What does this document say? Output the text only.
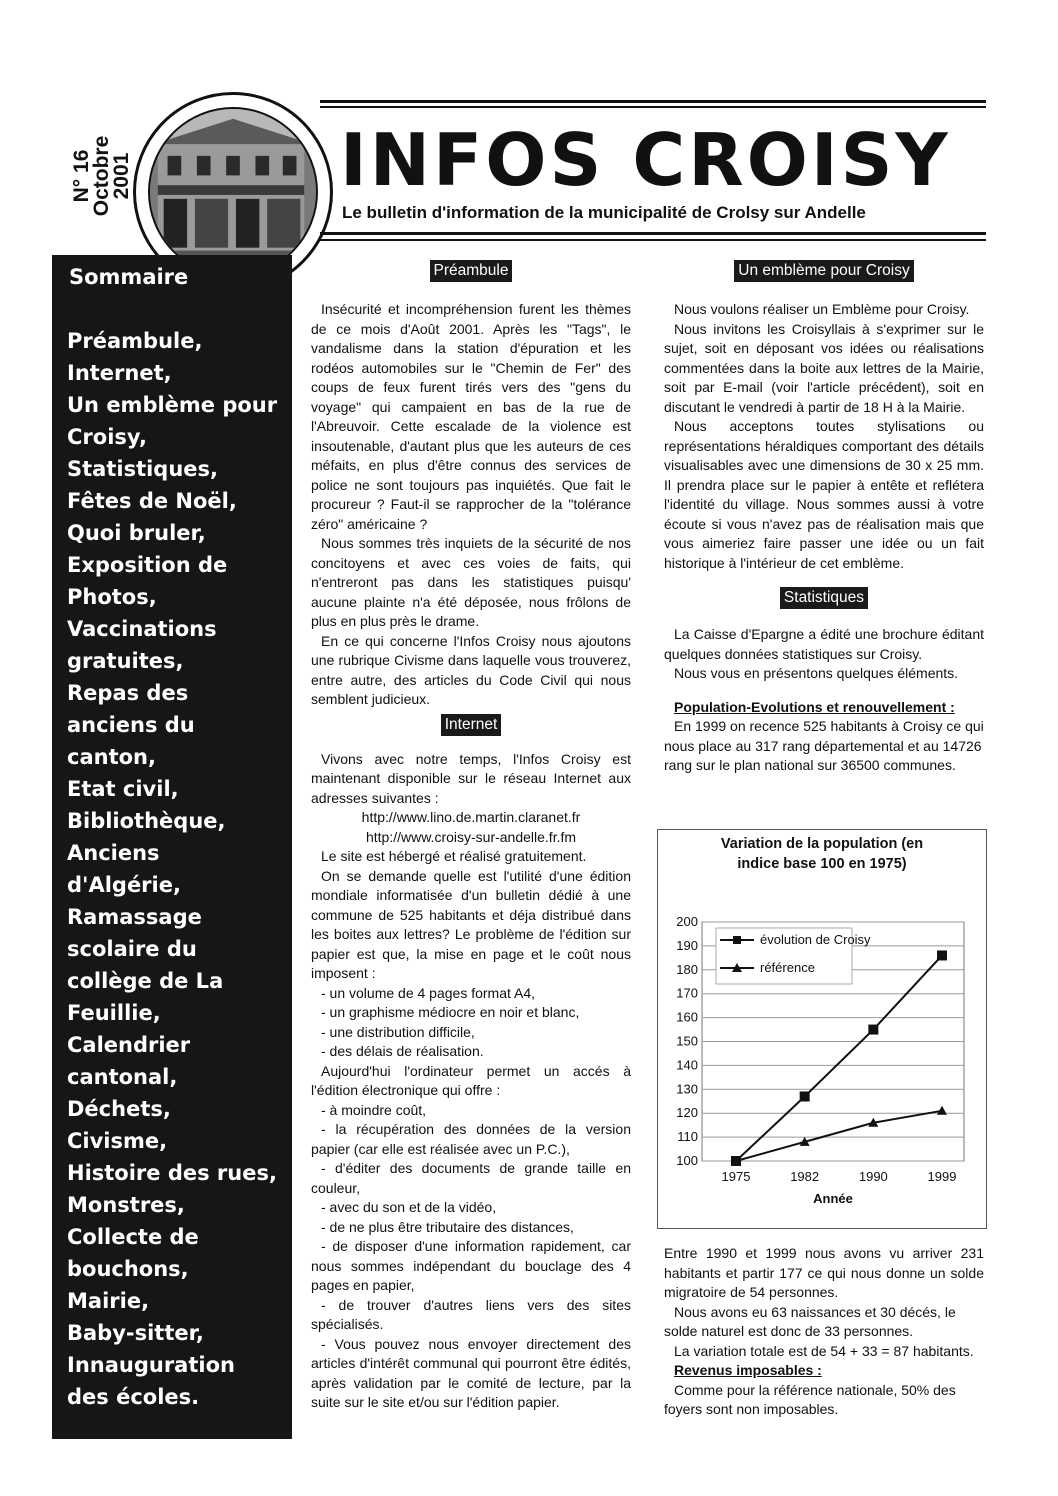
N° 16
Octobre
2001	INFOS CROISY
Le bulletin d'information de la municipalité de Crolsy sur Andelle
Sommaire
Préambule,
Internet,
Un emblème pour
Croisy,
Statistiques,
Fêtes de Noël,
Quoi bruler,
Exposition de
Photos,
Vaccinations
gratuites,
Repas des
anciens du
canton,
Etat civil,
Bibliothèque,
Anciens
d'Algérie,
Ramassage
scolaire du
collège de La
Feuillie,
Calendrier
cantonal,
Déchets,
Civisme,
Histoire des rues,
Monstres,
Collecte de
bouchons,
Mairie,
Baby-sitter,
Innauguration
des écoles.

Préambule

Insécurité et incompréhension furent les thèmes de ce mois d'Août 2001. Après les "Tags", le vandalisme dans la station d'épuration et les rodéos automobiles sur le "Chemin de Fer" des coups de feux furent tirés vers des "gens du voyage" qui campaient en bas de la rue de l'Abreuvoir. Cette escalade de la violence est insoutenable, d'autant plus que les auteurs de ces méfaits, en plus d'être connus des services de police ne sont toujours pas inquiétés. Que fait le procureur ? Faut-il se rapprocher de la "tolérance zéro" américaine ?

Nous sommes très inquiets de la sécurité de nos concitoyens et avec ces voies de faits, qui n'entreront pas dans les statistiques puisqu' aucune plainte n'a été déposée, nous frôlons de plus en plus près le drame.

En ce qui concerne l'Infos Croisy nous ajoutons une rubrique Civisme dans laquelle vous trouverez, entre autre, des articles du Code Civil qui nous semblent judicieux.

Internet

Vivons avec notre temps, l'Infos Croisy est maintenant disponible sur le réseau Internet aux adresses suivantes :

http://www.lino.de.martin.claranet.fr

http://www.croisy-sur-andelle.fr.fm

Le site est hébergé et réalisé gratuitement.

On se demande quelle est l'utilité d'une édition mondiale informatisée d'un bulletin dédié à une commune de 525 habitants et déja distribué dans les boites aux lettres? Le problème de l'édition sur papier est que, la mise en page et le coût nous imposent :

- un volume de 4 pages format A4,
- un graphisme médiocre en noir et blanc,
- une distribution difficile,
- des délais de réalisation.

Aujourd'hui l'ordinateur permet un accés à l'édition électronique qui offre :

- à moindre coût,
- la récupération des données de la version papier (car elle est réalisée avec un P.C.),
- d'éditer des documents de grande taille en couleur,
- avec du son et de la vidéo,
- de ne plus être tributaire des distances,
- de disposer d'une information rapidement, car nous sommes indépendant du bouclage des 4 pages en papier,
- de trouver d'autres liens vers des sites spécialisés.
- Vous pouvez nous envoyer directement des articles d'intérêt communal qui pourront être édités, après validation par le comité de lecture, par la suite sur le site et/ou sur l'édition papier.

Un emblème pour Croisy

Nous voulons réaliser un Emblème pour Croisy.

Nous invitons les Croisyllais à s'exprimer sur le sujet, soit en déposant vos idées ou réalisations commentées dans la boite aux lettres de la Mairie, soit par E-mail (voir l'article précédent), soit en discutant le vendredi à partir de 18 H à la Mairie.

Nous acceptons toutes stylisations ou représentations héraldiques comportant des détails visualisables avec une dimensions de 30 x 25 mm. Il prendra place sur le papier à entête et reflétera l'identité du village. Nous sommes aussi à votre écoute si vous n'avez pas de réalisation mais que vous aimeriez faire passer une idée ou un fait historique à l'intérieur de cet emblème.

Statistiques

La Caisse d'Epargne a édité une brochure éditant quelques données statistiques sur Croisy.

Nous vous en présentons quelques éléments.

Population-Evolutions et renouvellement :

En 1999 on recence 525 habitants à Croisy ce qui nous place au 317 rang départemental et au 14726 rang sur le plan national sur 36500 communes.

Variation de la population (en indice base 100 en 1975)
100
110
120
130
140
150
160
170
180
190
200
1975	1982	1990	1999
Année
évolution de Croisy
référence

Entre 1990 et 1999 nous avons vu arriver 231 habitants et partir 177 ce qui nous donne un solde migratoire de 54 personnes.

Nous avons eu 63 naissances et 30 décés, le solde naturel est donc de 33 personnes.

La variation totale est de 54 + 33 = 87 habitants.

Revenus imposables :

Comme pour la référence nationale, 50% des foyers sont non imposables.
